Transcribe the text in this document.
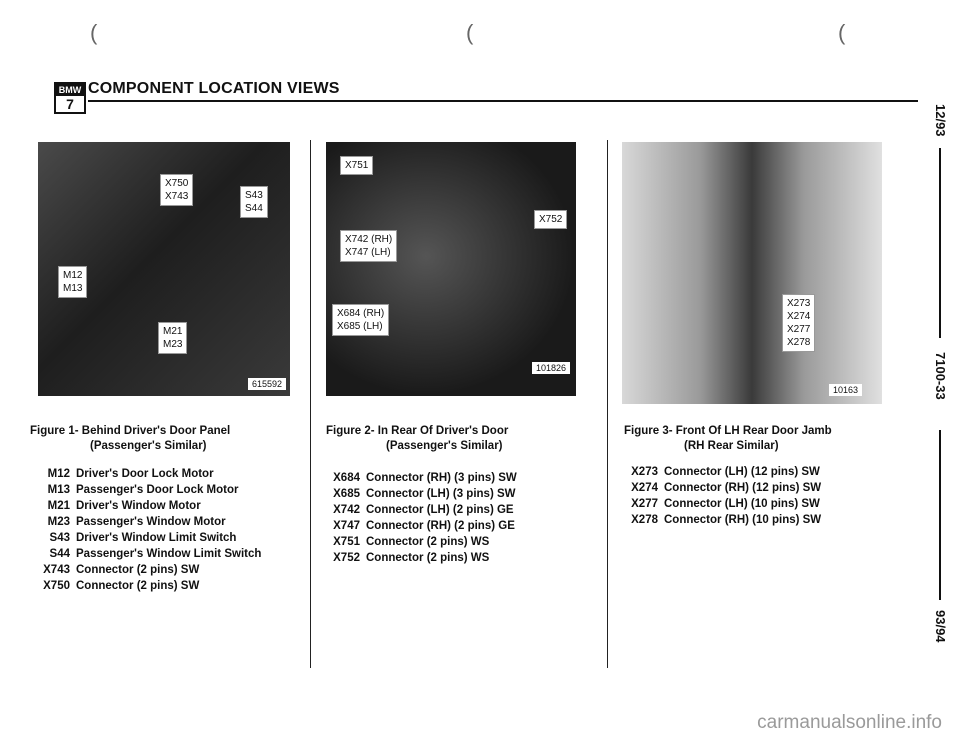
(	(	(
BMW
7
COMPONENT LOCATION VIEWS
12/93
7100-33
93/94
X750
X743	S43
S44
M12
M13
M21
M23
615592
X751
X752
X742 (RH)
X747 (LH)
X684 (RH)
X685 (LH)
101826
X273
X274
X277
X278
10163
Figure 1- Behind Driver's Door Panel
(Passenger's Similar)
M12 Driver's Door Lock Motor
M13 Passenger's Door Lock Motor
M21 Driver's Window Motor
M23 Passenger's Window Motor
S43 Driver's Window Limit Switch
S44 Passenger's Window Limit Switch
X743 Connector (2 pins) SW
X750 Connector (2 pins) SW
Figure 2- In Rear Of Driver's Door
(Passenger's Similar)
X684 Connector (RH) (3 pins) SW
X685 Connector (LH) (3 pins) SW
X742 Connector (LH) (2 pins) GE
X747 Connector (RH) (2 pins) GE
X751 Connector (2 pins) WS
X752 Connector (2 pins) WS
Figure 3- Front Of LH Rear Door Jamb
(RH Rear Similar)
X273 Connector (LH) (12 pins) SW
X274 Connector (RH) (12 pins) SW
X277 Connector (LH) (10 pins) SW
X278 Connector (RH) (10 pins) SW
carmanualsonline.info
